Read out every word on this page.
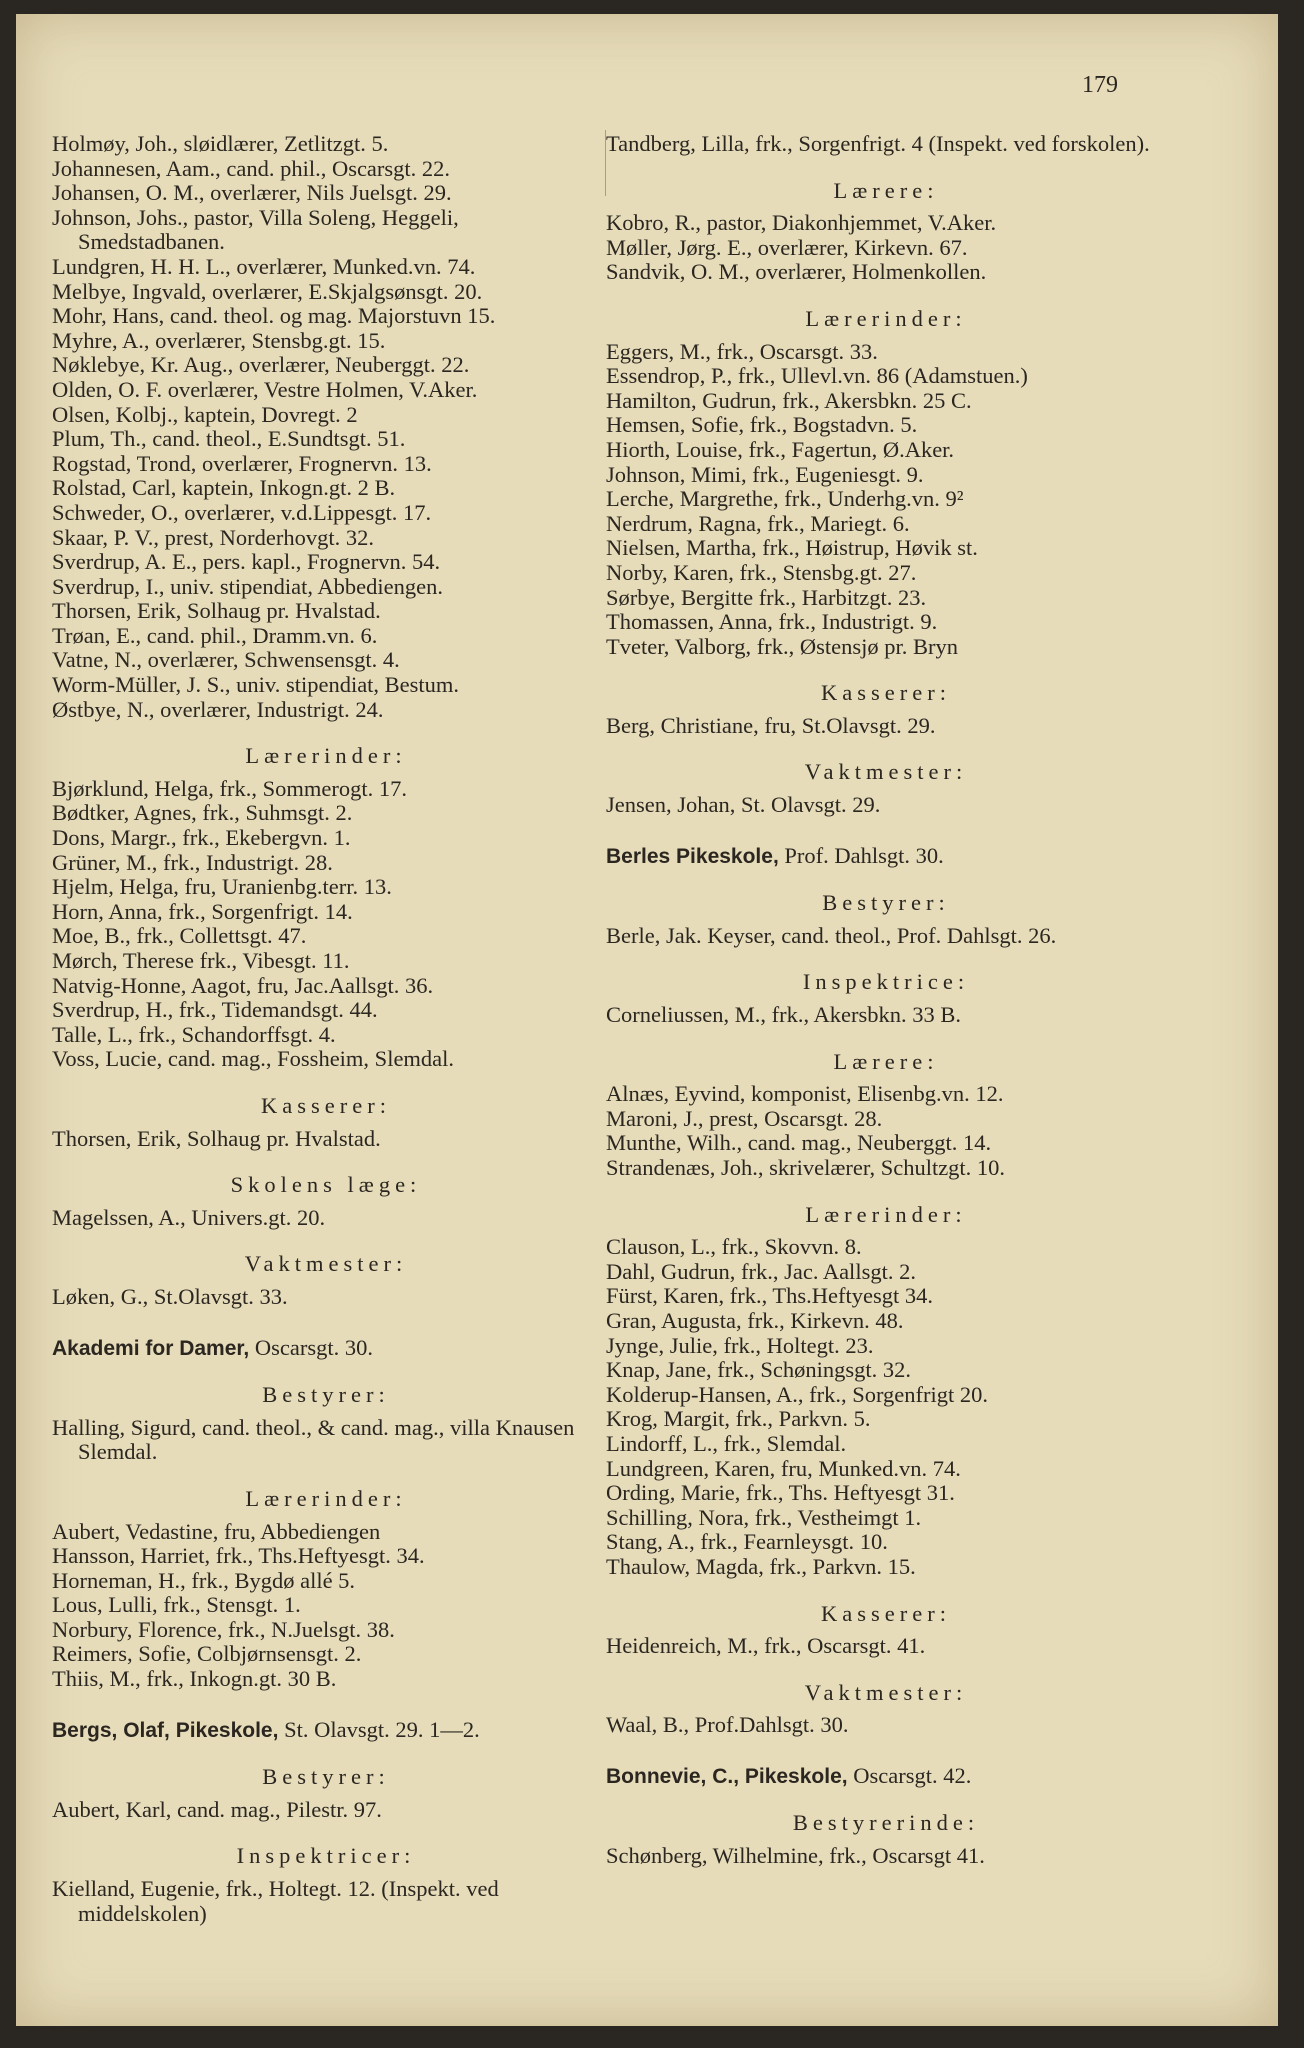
179
Holmøy, Joh., sløidlærer, Zetlitzgt. 5.
Johannesen, Aam., cand. phil., Oscarsgt. 22.
Johansen, O. M., overlærer, Nils Juelsgt. 29.
Johnson, Johs., pastor, Villa Soleng, Heggeli, Smedstadbanen.
Lundgren, H. H. L., overlærer, Munked.vn. 74.
Melbye, Ingvald, overlærer, E.Skjalgsønsgt. 20.
Mohr, Hans, cand. theol. og mag. Majorstuvn 15.
Myhre, A., overlærer, Stensbg.gt. 15.
Nøklebye, Kr. Aug., overlærer, Neuberggt. 22.
Olden, O. F. overlærer, Vestre Holmen, V.Aker.
Olsen, Kolbj., kaptein, Dovregt. 2
Plum, Th., cand. theol., E.Sundtsgt. 51.
Rogstad, Trond, overlærer, Frognervn. 13.
Rolstad, Carl, kaptein, Inkogn.gt. 2 B.
Schweder, O., overlærer, v.d.Lippesgt. 17.
Skaar, P. V., prest, Norderhovgt. 32.
Sverdrup, A. E., pers. kapl., Frognervn. 54.
Sverdrup, I., univ. stipendiat, Abbediengen.
Thorsen, Erik, Solhaug pr. Hvalstad.
Trøan, E., cand. phil., Dramm.vn. 6.
Vatne, N., overlærer, Schwensensgt. 4.
Worm-Müller, J. S., univ. stipendiat, Bestum.
Østbye, N., overlærer, Industrigt. 24.
Lærerinder:
Bjørklund, Helga, frk., Sommerogt. 17.
Bødtker, Agnes, frk., Suhmsgt. 2.
Dons, Margr., frk., Ekebergvn. 1.
Grüner, M., frk., Industrigt. 28.
Hjelm, Helga, fru, Uranienbg.terr. 13.
Horn, Anna, frk., Sorgenfrigt. 14.
Moe, B., frk., Collettsgt. 47.
Mørch, Therese frk., Vibesgt. 11.
Natvig-Honne, Aagot, fru, Jac.Aallsgt. 36.
Sverdrup, H., frk., Tidemandsgt. 44.
Talle, L., frk., Schandorffsgt. 4.
Voss, Lucie, cand. mag., Fossheim, Slemdal.
Kasserer:
Thorsen, Erik, Solhaug pr. Hvalstad.
Skolens læge:
Magelssen, A., Univers.gt. 20.
Vaktmester:
Løken, G., St.Olavsgt. 33.
Akademi for Damer, Oscarsgt. 30.
Bestyrer:
Halling, Sigurd, cand. theol., & cand. mag., villa Knausen Slemdal.
Lærerinder:
Aubert, Vedastine, fru, Abbediengen
Hansson, Harriet, frk., Ths.Heftyesgt. 34.
Horneman, H., frk., Bygdø allé 5.
Lous, Lulli, frk., Stensgt. 1.
Norbury, Florence, frk., N.Juelsgt. 38.
Reimers, Sofie, Colbjørnsensgt. 2.
Thiis, M., frk., Inkogn.gt. 30 B.
Bergs, Olaf, Pikeskole, St. Olavsgt. 29. 1—2.
Bestyrer:
Aubert, Karl, cand. mag., Pilestr. 97.
Inspektricer:
Kielland, Eugenie, frk., Holtegt. 12. (Inspekt. ved middelskolen)
Tandberg, Lilla, frk., Sorgenfrigt. 4 (Inspekt. ved forskolen).
Lærere:
Kobro, R., pastor, Diakonhjemmet, V.Aker.
Møller, Jørg. E., overlærer, Kirkevn. 67.
Sandvik, O. M., overlærer, Holmenkollen.
Lærerinder:
Eggers, M., frk., Oscarsgt. 33.
Essendrop, P., frk., Ullevl.vn. 86 (Adamstuen.)
Hamilton, Gudrun, frk., Akersbkn. 25 C.
Hemsen, Sofie, frk., Bogstadvn. 5.
Hiorth, Louise, frk., Fagertun, Ø.Aker.
Johnson, Mimi, frk., Eugeniesgt. 9.
Lerche, Margrethe, frk., Underhg.vn. 9²
Nerdrum, Ragna, frk., Mariegt. 6.
Nielsen, Martha, frk., Høistrup, Høvik st.
Norby, Karen, frk., Stensbg.gt. 27.
Sørbye, Bergitte frk., Harbitzgt. 23.
Thomassen, Anna, frk., Industrigt. 9.
Tveter, Valborg, frk., Østensjø pr. Bryn
Kasserer:
Berg, Christiane, fru, St.Olavsgt. 29.
Vaktmester:
Jensen, Johan, St. Olavsgt. 29.
Berles Pikeskole, Prof. Dahlsgt. 30.
Bestyrer:
Berle, Jak. Keyser, cand. theol., Prof. Dahlsgt. 26.
Inspektrice:
Corneliussen, M., frk., Akersbkn. 33 B.
Lærere:
Alnæs, Eyvind, komponist, Elisenbg.vn. 12.
Maroni, J., prest, Oscarsgt. 28.
Munthe, Wilh., cand. mag., Neuberggt. 14.
Strandenæs, Joh., skrivelærer, Schultzgt. 10.
Lærerinder:
Clauson, L., frk., Skovvn. 8.
Dahl, Gudrun, frk., Jac. Aallsgt. 2.
Fürst, Karen, frk., Ths.Heftyesgt 34.
Gran, Augusta, frk., Kirkevn. 48.
Jynge, Julie, frk., Holtegt. 23.
Knap, Jane, frk., Schøningsgt. 32.
Kolderup-Hansen, A., frk., Sorgenfrigt 20.
Krog, Margit, frk., Parkvn. 5.
Lindorff, L., frk., Slemdal.
Lundgreen, Karen, fru, Munked.vn. 74.
Ording, Marie, frk., Ths. Heftyesgt 31.
Schilling, Nora, frk., Vestheimgt 1.
Stang, A., frk., Fearnleysgt. 10.
Thaulow, Magda, frk., Parkvn. 15.
Kasserer:
Heidenreich, M., frk., Oscarsgt. 41.
Vaktmester:
Waal, B., Prof.Dahlsgt. 30.
Bonnevie, C., Pikeskole, Oscarsgt. 42.
Bestyrerinde:
Schønberg, Wilhelmine, frk., Oscarsgt 41.
